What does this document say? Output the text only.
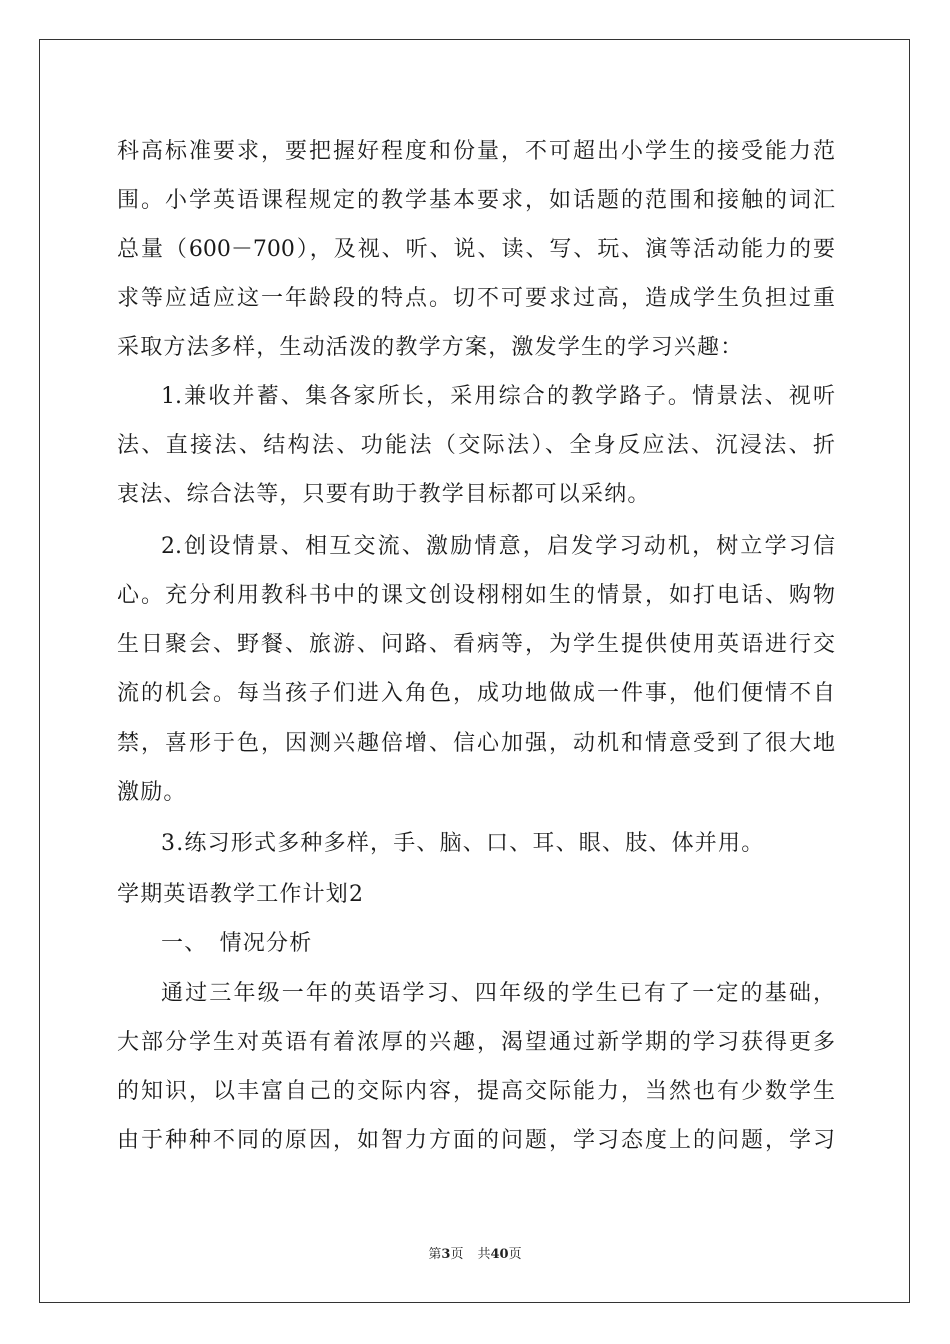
科高标准要求，要把握好程度和份量，不可超出小学生的接受能力范
围。小学英语课程规定的教学基本要求，如话题的范围和接触的词汇
总量（600－700），及视、听、说、读、写、玩、演等活动能力的要
求等应适应这一年龄段的特点。切不可要求过高，造成学生负担过重
采取方法多样，生动活泼的教学方案，激发学生的学习兴趣：
1.兼收并蓄、集各家所长，采用综合的教学路子。情景法、视听
法、直接法、结构法、功能法（交际法）、全身反应法、沉浸法、折
衷法、综合法等，只要有助于教学目标都可以采纳。
2.创设情景、相互交流、激励情意，启发学习动机，树立学习信
心。充分利用教科书中的课文创设栩栩如生的情景，如打电话、购物
生日聚会、野餐、旅游、问路、看病等，为学生提供使用英语进行交
流的机会。每当孩子们进入角色，成功地做成一件事，他们便情不自
禁，喜形于色，因测兴趣倍增、信心加强，动机和情意受到了很大地
激励。
3.练习形式多种多样，手、脑、口、耳、眼、肢、体并用。
学期英语教学工作计划2
一、　情况分析
通过三年级一年的英语学习、四年级的学生已有了一定的基础，
大部分学生对英语有着浓厚的兴趣，渴望通过新学期的学习获得更多
的知识，以丰富自己的交际内容，提高交际能力，当然也有少数学生
由于种种不同的原因，如智力方面的问题，学习态度上的问题，学习
第3页 共40页
